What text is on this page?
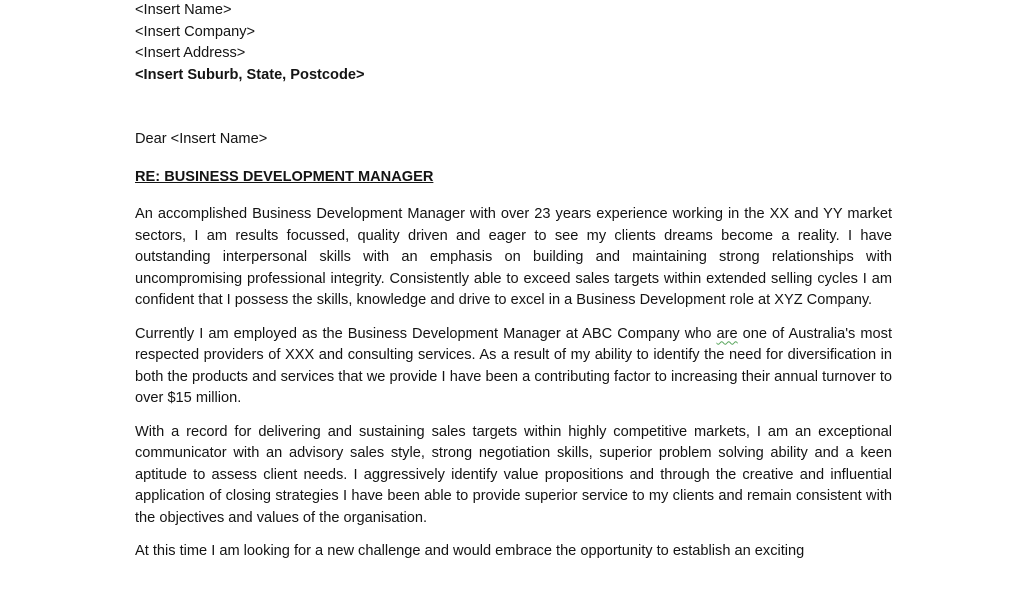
<Insert Name>

<Insert Company>

<Insert Address>

<Insert Suburb, State, Postcode>

Dear <Insert Name>

RE: BUSINESS DEVELOPMENT MANAGER

An accomplished Business Development Manager with over 23 years experience working in the XX and YY market sectors, I am results focussed, quality driven and eager to see my clients dreams become a reality. I have outstanding interpersonal skills with an emphasis on building and maintaining strong relationships with uncompromising professional integrity. Consistently able to exceed sales targets within extended selling cycles I am confident that I possess the skills, knowledge and drive to excel in a Business Development role at XYZ Company.

Currently I am employed as the Business Development Manager at ABC Company who are one of Australia's most respected providers of XXX and consulting services. As a result of my ability to identify the need for diversification in both the products and services that we provide I have been a contributing factor to increasing their annual turnover to over $15 million.

With a record for delivering and sustaining sales targets within highly competitive markets, I am an exceptional communicator with an advisory sales style, strong negotiation skills, superior problem solving ability and a keen aptitude to assess client needs. I aggressively identify value propositions and through the creative and influential application of closing strategies I have been able to provide superior service to my clients and remain consistent with the objectives and values of the organisation.

At this time I am looking for a new challenge and would embrace the opportunity to establish an exciting
